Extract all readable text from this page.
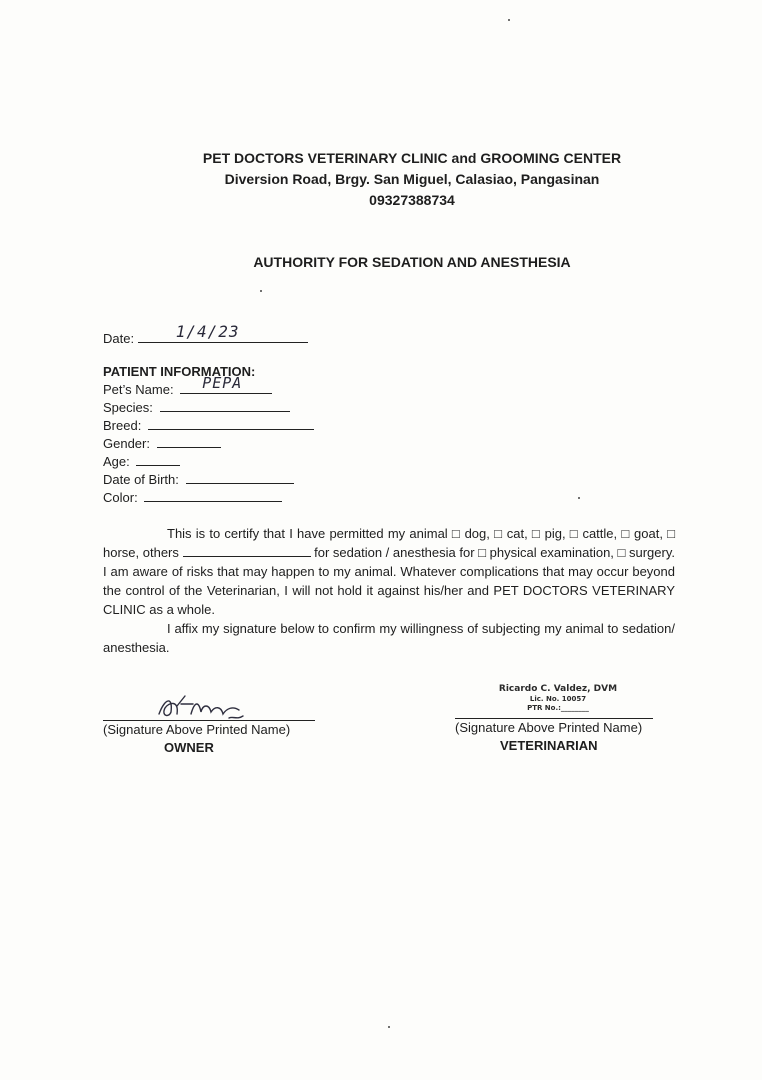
PET DOCTORS VETERINARY CLINIC and GROOMING CENTER
Diversion Road, Brgy. San Miguel, Calasiao, Pangasinan
09327388734
AUTHORITY FOR SEDATION AND ANESTHESIA
Date:	1/4/23
PATIENT INFORMATION:
Pet’s Name: PEPA
Species:
Breed:
Gender:
Age:
Date of Birth:
Color:

This is to certify that I have permitted my animal □ dog, □ cat, □ pig, □ cattle, □ goat, □ horse, others	for sedation / anesthesia for □ physical examination, □ surgery. I am aware of risks that may happen to my animal. Whatever complications that may occur beyond the control of the Veterinarian, I will not hold it against his/her and PET DOCTORS VETERINARY CLINIC as a whole.

I affix my signature below to confirm my willingness of subjecting my animal to sedation/ anesthesia.

(Signature Above Printed Name)
OWNER
Ricardo C. Valdez, DVM
Lic. No. 10057
PTR No.:________
(Signature Above Printed Name)
VETERINARIAN
